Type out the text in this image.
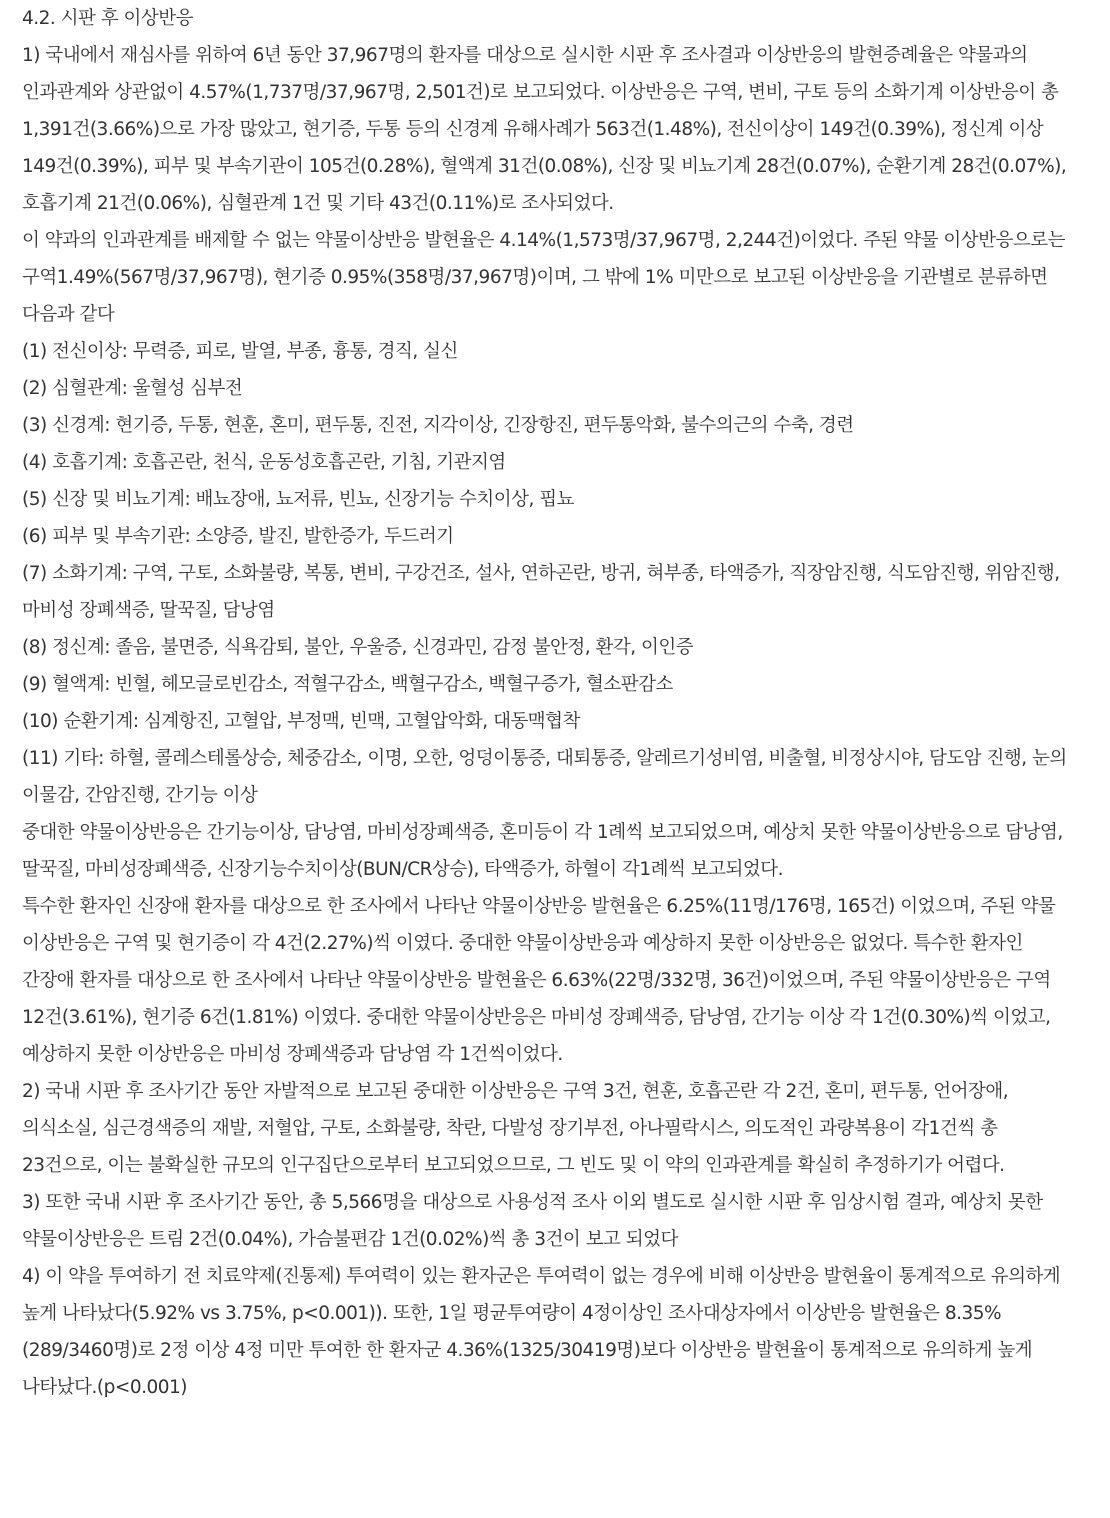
4.2. 시판 후 이상반응

1) 국내에서 재심사를 위하여 6년 동안 37,967명의 환자를 대상으로 실시한 시판 후 조사결과 이상반응의 발현증례율은 약물과의 인과관계와 상관없이 4.57%(1,737명/37,967명, 2,501건)로 보고되었다. 이상반응은 구역, 변비, 구토 등의 소화기계 이상반응이 총 1,391건(3.66%)으로 가장 많았고, 현기증, 두통 등의 신경계 유해사례가 563건(1.48%), 전신이상이 149건(0.39%), 정신계 이상 149건(0.39%), 피부 및 부속기관이 105건(0.28%), 혈액계 31건(0.08%), 신장 및 비뇨기계 28건(0.07%), 순환기계 28건(0.07%), 호흡기계 21건(0.06%), 심혈관계 1건 및 기타 43건(0.11%)로 조사되었다.

이 약과의 인과관계를 배제할 수 없는 약물이상반응 발현율은 4.14%(1,573명/37,967명, 2,244건)이었다. 주된 약물 이상반응으로는 구역1.49%(567명/37,967명), 현기증 0.95%(358명/37,967명)이며, 그 밖에 1% 미만으로 보고된 이상반응을 기관별로 분류하면 다음과 같다

(1) 전신이상: 무력증, 피로, 발열, 부종, 흉통, 경직, 실신

(2) 심혈관계: 울혈성 심부전

(3) 신경계: 현기증, 두통, 현훈, 혼미, 편두통, 진전, 지각이상, 긴장항진, 편두통악화, 불수의근의 수축, 경련

(4) 호흡기계: 호흡곤란, 천식, 운동성호흡곤란, 기침, 기관지염

(5) 신장 및 비뇨기계: 배뇨장애, 뇨저류, 빈뇨, 신장기능 수치이상, 핍뇨

(6) 피부 및 부속기관: 소양증, 발진, 발한증가, 두드러기

(7) 소화기계: 구역, 구토, 소화불량, 복통, 변비, 구강건조, 설사, 연하곤란, 방귀, 혀부종, 타액증가, 직장암진행, 식도암진행, 위암진행, 마비성 장폐색증, 딸꾹질, 담낭염

(8) 정신계: 졸음, 불면증, 식욕감퇴, 불안, 우울증, 신경과민, 감정 불안정, 환각, 이인증

(9) 혈액계: 빈혈, 헤모글로빈감소, 적혈구감소, 백혈구감소, 백혈구증가, 혈소판감소

(10) 순환기계: 심계항진, 고혈압, 부정맥, 빈맥, 고혈압악화, 대동맥협착

(11) 기타: 하혈, 콜레스테롤상승, 체중감소, 이명, 오한, 엉덩이통증, 대퇴통증, 알레르기성비염, 비출혈, 비정상시야, 담도암 진행, 눈의 이물감, 간암진행, 간기능 이상

중대한 약물이상반응은 간기능이상, 담낭염, 마비성장폐색증, 혼미등이 각 1례씩 보고되었으며, 예상치 못한 약물이상반응으로 담낭염, 딸꾹질, 마비성장폐색증, 신장기능수치이상(BUN/CR상승), 타액증가, 하혈이 각1례씩 보고되었다.

특수한 환자인 신장애 환자를 대상으로 한 조사에서 나타난 약물이상반응 발현율은 6.25%(11명/176명, 165건) 이었으며, 주된 약물 이상반응은 구역 및 현기증이 각 4건(2.27%)씩 이였다. 중대한 약물이상반응과 예상하지 못한 이상반응은 없었다. 특수한 환자인 간장애 환자를 대상으로 한 조사에서 나타난 약물이상반응 발현율은 6.63%(22명/332명, 36건)이었으며, 주된 약물이상반응은 구역 12건(3.61%), 현기증 6건(1.81%) 이였다. 중대한 약물이상반응은 마비성 장폐색증, 담낭염, 간기능 이상 각 1건(0.30%)씩 이었고, 예상하지 못한 이상반응은 마비성 장폐색증과 담낭염 각 1건씩이었다.

2) 국내 시판 후 조사기간 동안 자발적으로 보고된 중대한 이상반응은 구역 3건, 현훈, 호흡곤란 각 2건, 혼미, 편두통, 언어장애, 의식소실, 심근경색증의 재발, 저혈압, 구토, 소화불량, 착란, 다발성 장기부전, 아나필락시스, 의도적인 과량복용이 각1건씩 총 23건으로, 이는 불확실한 규모의 인구집단으로부터 보고되었으므로, 그 빈도 및 이 약의 인과관계를 확실히 추정하기가 어렵다.

3) 또한 국내 시판 후 조사기간 동안, 총 5,566명을 대상으로 사용성적 조사 이외 별도로 실시한 시판 후 임상시험 결과, 예상치 못한 약물이상반응은 트림 2건(0.04%), 가슴불편감 1건(0.02%)씩 총 3건이 보고 되었다

4) 이 약을 투여하기 전 치료약제(진통제) 투여력이 있는 환자군은 투여력이 없는 경우에 비해 이상반응 발현율이 통계적으로 유의하게 높게 나타났다(5.92% vs 3.75%, p<0.001)). 또한, 1일 평균투여량이 4정이상인 조사대상자에서 이상반응 발현율은 8.35%(289/3460명)로 2정 이상 4정 미만 투여한 한 환자군 4.36%(1325/30419명)보다 이상반응 발현율이 통계적으로 유의하게 높게 나타났다.(p<0.001)
